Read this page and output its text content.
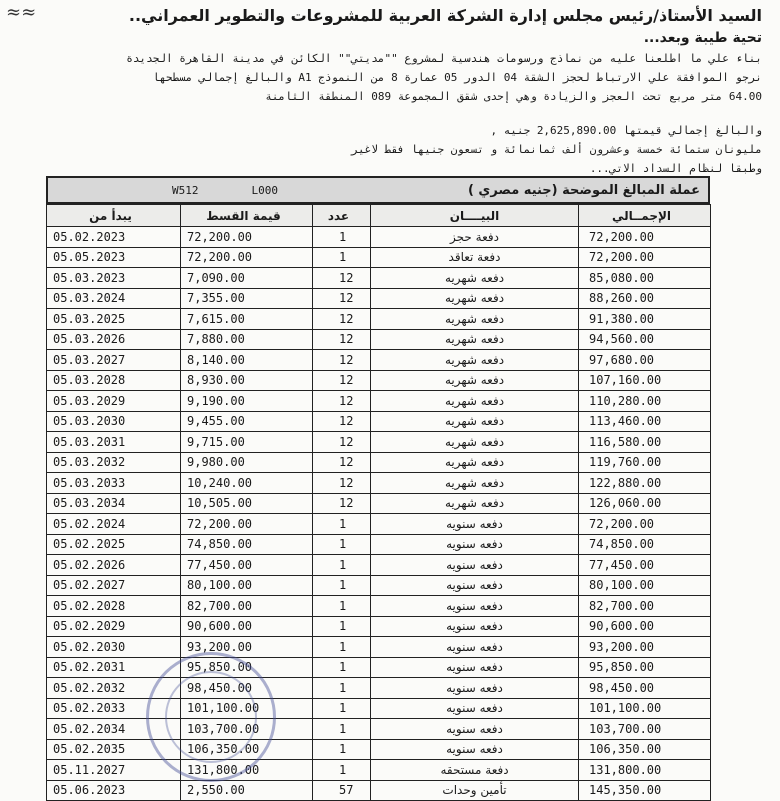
≈≈	السيد الأستاذ/رئيس مجلس إدارة الشركة العربية للمشروعات والتطوير العمراني..
تحية طيبة وبعد...
بناء علي ما اطلعنا عليه من نماذج ورسومات هندسية لمشروع ""مديتي"" الكائن في مدينة القاهرة الجديدة
نرجو الموافقة علي الارتباط لحجز الشقة 04 الدور 05 عمارة 8 من النموذج A1 والبالغ إجمالي مسطحها
64.00 متر مربع تحت العجز والزيادة وهي إحدى شقق المجموعة 089 المنطقة الثامنة
والبالغ إجمالي قيمتها 2,625,890.00 جنيه ,
مليونان ستمائة خمسة وعشرون ألف ثمانمائة و تسعون جنيها فقط لاغير
وطبقا لنظام السداد الاتي...
عملة المبالغ الموضحة (جنيه مصري )
W512	L000
يبدأ من	قيمة القسط	عدد	البيــــان	الإجمــالي
05.02.2023	72,200.00	1	دفعة حجز	72,200.00
05.05.2023	72,200.00	1	دفعة تعاقد	72,200.00
05.03.2023	7,090.00	12	دفعه شهريه	85,080.00
05.03.2024	7,355.00	12	دفعه شهريه	88,260.00
05.03.2025	7,615.00	12	دفعه شهريه	91,380.00
05.03.2026	7,880.00	12	دفعه شهريه	94,560.00
05.03.2027	8,140.00	12	دفعه شهريه	97,680.00
05.03.2028	8,930.00	12	دفعه شهريه	107,160.00
05.03.2029	9,190.00	12	دفعه شهريه	110,280.00
05.03.2030	9,455.00	12	دفعه شهريه	113,460.00
05.03.2031	9,715.00	12	دفعه شهريه	116,580.00
05.03.2032	9,980.00	12	دفعه شهريه	119,760.00
05.03.2033	10,240.00	12	دفعه شهريه	122,880.00
05.03.2034	10,505.00	12	دفعه شهريه	126,060.00
05.02.2024	72,200.00	1	دفعه سنويه	72,200.00
05.02.2025	74,850.00	1	دفعه سنويه	74,850.00
05.02.2026	77,450.00	1	دفعه سنويه	77,450.00
05.02.2027	80,100.00	1	دفعه سنويه	80,100.00
05.02.2028	82,700.00	1	دفعه سنويه	82,700.00
05.02.2029	90,600.00	1	دفعه سنويه	90,600.00
05.02.2030	93,200.00	1	دفعه سنويه	93,200.00
05.02.2031	95,850.00	1	دفعه سنويه	95,850.00
05.02.2032	98,450.00	1	دفعه سنويه	98,450.00
05.02.2033	101,100.00	1	دفعه سنويه	101,100.00
05.02.2034	103,700.00	1	دفعه سنويه	103,700.00
05.02.2035	106,350.00	1	دفعه سنويه	106,350.00
05.11.2027	131,800.00	1	دفعة مستحقه	131,800.00
05.06.2023	2,550.00	57	تأمين وحدات	145,350.00
